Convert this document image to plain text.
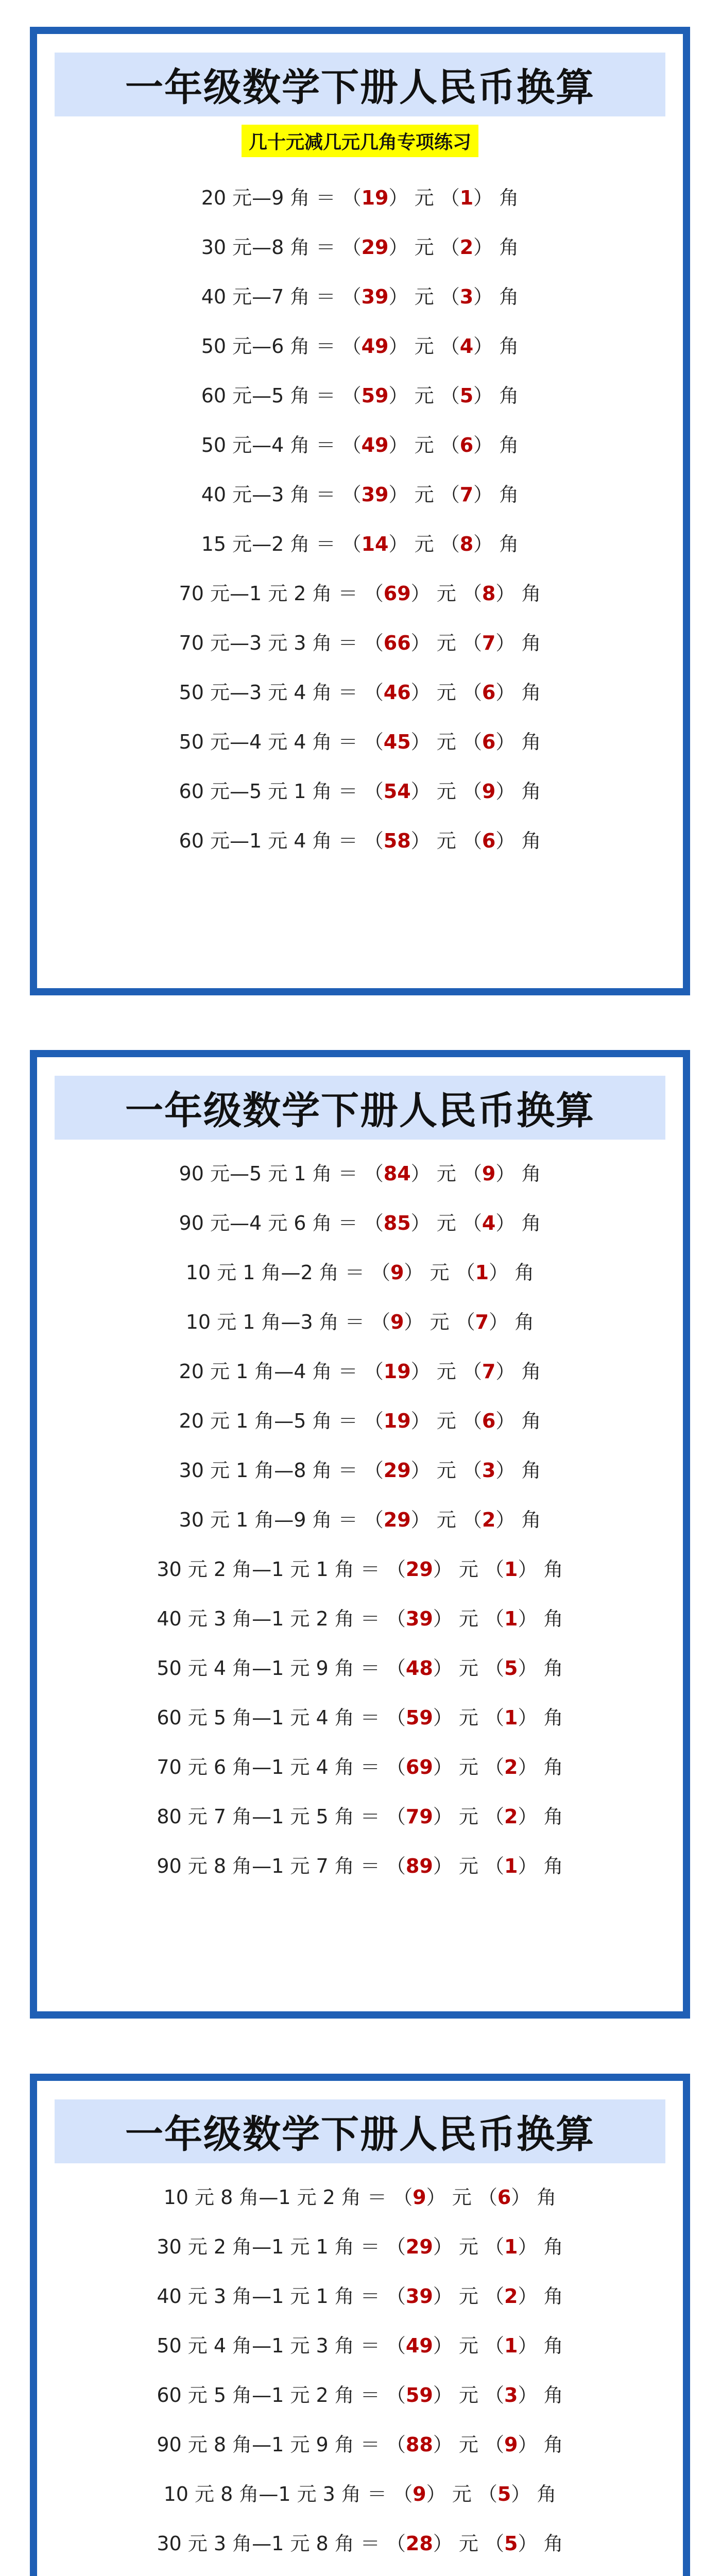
一年级数学下册人民币换算
几十元减几元几角专项练习
20 元—9 角 ＝ （19） 元 （1） 角
30 元—8 角 ＝ （29） 元 （2） 角
40 元—7 角 ＝ （39） 元 （3） 角
50 元—6 角 ＝ （49） 元 （4） 角
60 元—5 角 ＝ （59） 元 （5） 角
50 元—4 角 ＝ （49） 元 （6） 角
40 元—3 角 ＝ （39） 元 （7） 角
15 元—2 角 ＝ （14） 元 （8） 角
70 元—1 元 2 角 ＝ （69） 元 （8） 角
70 元—3 元 3 角 ＝ （66） 元 （7） 角
50 元—3 元 4 角 ＝ （46） 元 （6） 角
50 元—4 元 4 角 ＝ （45） 元 （6） 角
60 元—5 元 1 角 ＝ （54） 元 （9） 角
60 元—1 元 4 角 ＝ （58） 元 （6） 角
一年级数学下册人民币换算
90 元—5 元 1 角 ＝ （84） 元 （9） 角
90 元—4 元 6 角 ＝ （85） 元 （4） 角
10 元 1 角—2 角 ＝ （9） 元 （1） 角
10 元 1 角—3 角 ＝ （9） 元 （7） 角
20 元 1 角—4 角 ＝ （19） 元 （7） 角
20 元 1 角—5 角 ＝ （19） 元 （6） 角
30 元 1 角—8 角 ＝ （29） 元 （3） 角
30 元 1 角—9 角 ＝ （29） 元 （2） 角
30 元 2 角—1 元 1 角 ＝ （29） 元 （1） 角
40 元 3 角—1 元 2 角 ＝ （39） 元 （1） 角
50 元 4 角—1 元 9 角 ＝ （48） 元 （5） 角
60 元 5 角—1 元 4 角 ＝ （59） 元 （1） 角
70 元 6 角—1 元 4 角 ＝ （69） 元 （2） 角
80 元 7 角—1 元 5 角 ＝ （79） 元 （2） 角
90 元 8 角—1 元 7 角 ＝ （89） 元 （1） 角
一年级数学下册人民币换算
10 元 8 角—1 元 2 角 ＝ （9） 元 （6） 角
30 元 2 角—1 元 1 角 ＝ （29） 元 （1） 角
40 元 3 角—1 元 1 角 ＝ （39） 元 （2） 角
50 元 4 角—1 元 3 角 ＝ （49） 元 （1） 角
60 元 5 角—1 元 2 角 ＝ （59） 元 （3） 角
90 元 8 角—1 元 9 角 ＝ （88） 元 （9） 角
10 元 8 角—1 元 3 角 ＝ （9） 元 （5） 角
30 元 3 角—1 元 8 角 ＝ （28） 元 （5） 角
